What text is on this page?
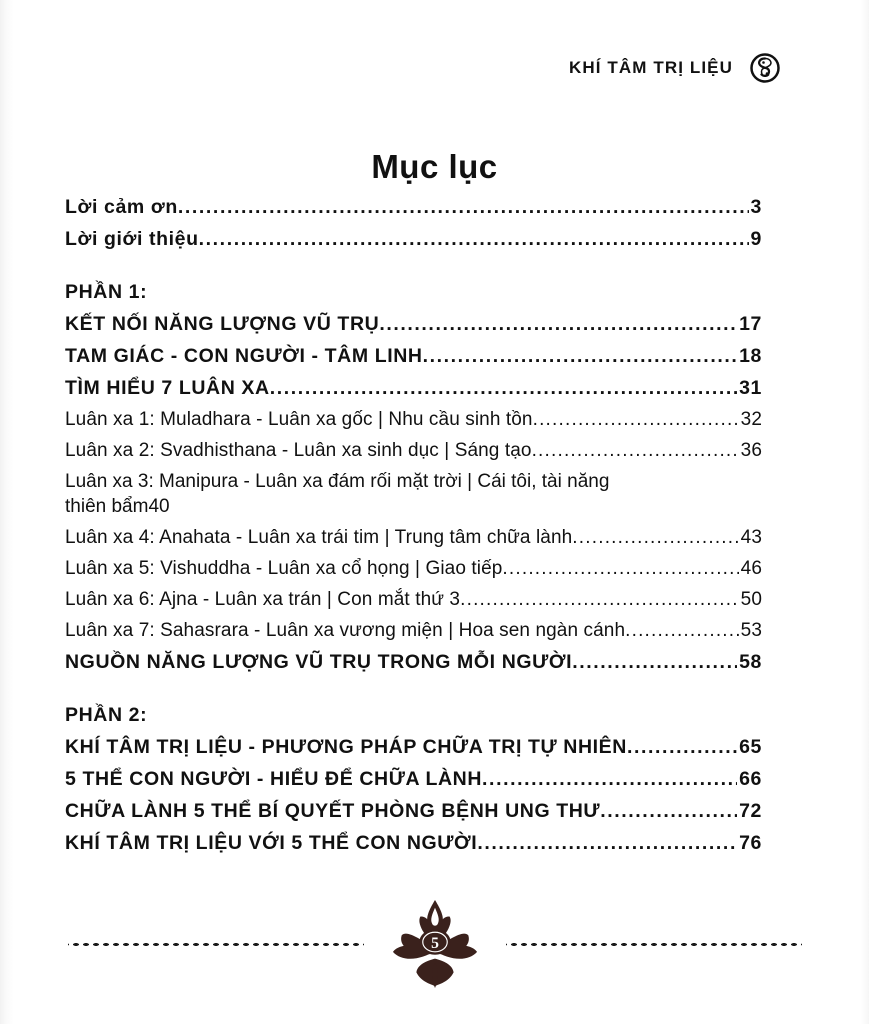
KHÍ TÂM TRỊ LIỆU
Mục lục
Lời cảm ơn .....	3
Lời giới thiệu .....	9
PHẦN 1:
KẾT NỐI NĂNG LƯỢNG VŨ TRỤ .....	17
TAM GIÁC - CON NGƯỜI - TÂM LINH .....	18
TÌM HIỂU 7 LUÂN XA .....	31
Luân xa 1: Muladhara - Luân xa gốc | Nhu cầu sinh tồn .....	32
Luân xa 2: Svadhisthana - Luân xa sinh dục | Sáng tạo .....	36
Luân xa 3: Manipura - Luân xa đám rối mặt trời | Cái tôi, tài năng
thiên bẩm 40
Luân xa 4: Anahata - Luân xa trái tim | Trung tâm chữa lành .....	43
Luân xa 5: Vishuddha - Luân xa cổ họng | Giao tiếp .....	46
Luân xa 6: Ajna - Luân xa trán | Con mắt thứ 3 .....	50
Luân xa 7: Sahasrara - Luân xa vương miện | Hoa sen ngàn cánh .....	53
NGUỒN NĂNG LƯỢNG VŨ TRỤ TRONG MỖI NGƯỜI .....	58
PHẦN 2:
KHÍ TÂM TRỊ LIỆU - PHƯƠNG PHÁP CHỮA TRỊ TỰ NHIÊN .....	65
5 THỂ CON NGƯỜI - HIỂU ĐỂ CHỮA LÀNH .....	66
CHỮA LÀNH 5 THỂ BÍ QUYẾT PHÒNG BỆNH UNG THƯ .....	72
KHÍ TÂM TRỊ LIỆU VỚI 5 THỂ CON NGƯỜI .....	76
5
